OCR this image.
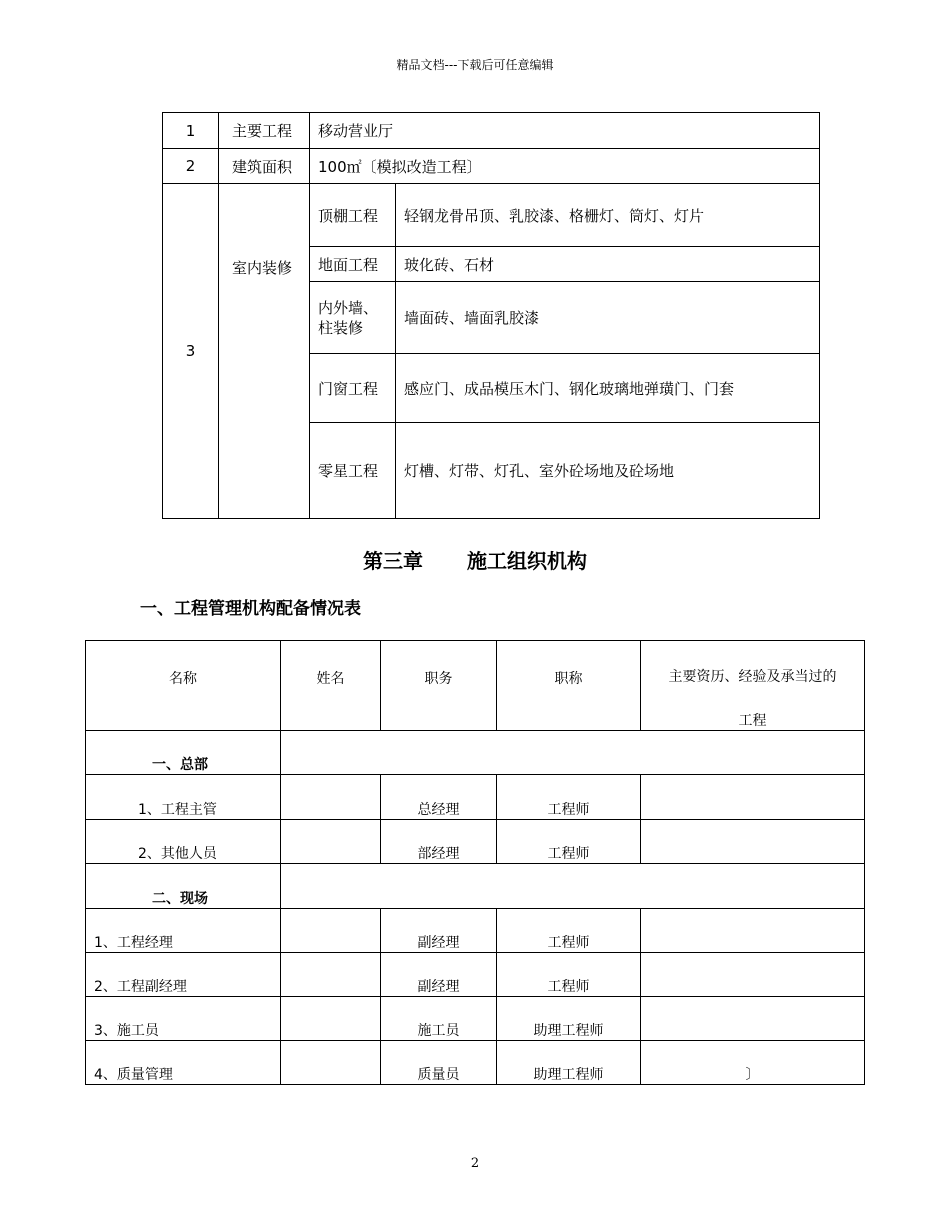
精品文档---下载后可任意编辑
1	主要工程	移动营业厅	
2	建筑面积	100㎡〔模拟改造工程〕	
3	室内装修	顶棚工程	轻钢龙骨吊顶、乳胶漆、格栅灯、筒灯、灯片
		地面工程	玻化砖、石材
		内外墙、柱装修	墙面砖、墙面乳胶漆
		门窗工程	感应门、成品模压木门、钢化玻璃地弹璜门、门套
		零星工程	灯槽、灯带、灯孔、室外砼场地及砼场地
第三章 施工组织机构
一、工程管理机构配备情况表
名称	姓名	职务	职称	主要资历、经验及承当过的
工程

一、总部				
1、工程主管		总经理	工程师	
2、其他人员		部经理	工程师	
二、现场				
1、工程经理		副经理	工程师	
2、工程副经理		副经理	工程师	
3、施工员		施工员	助理工程师	
4、质量管理		质量员	助理工程师	〕
2
